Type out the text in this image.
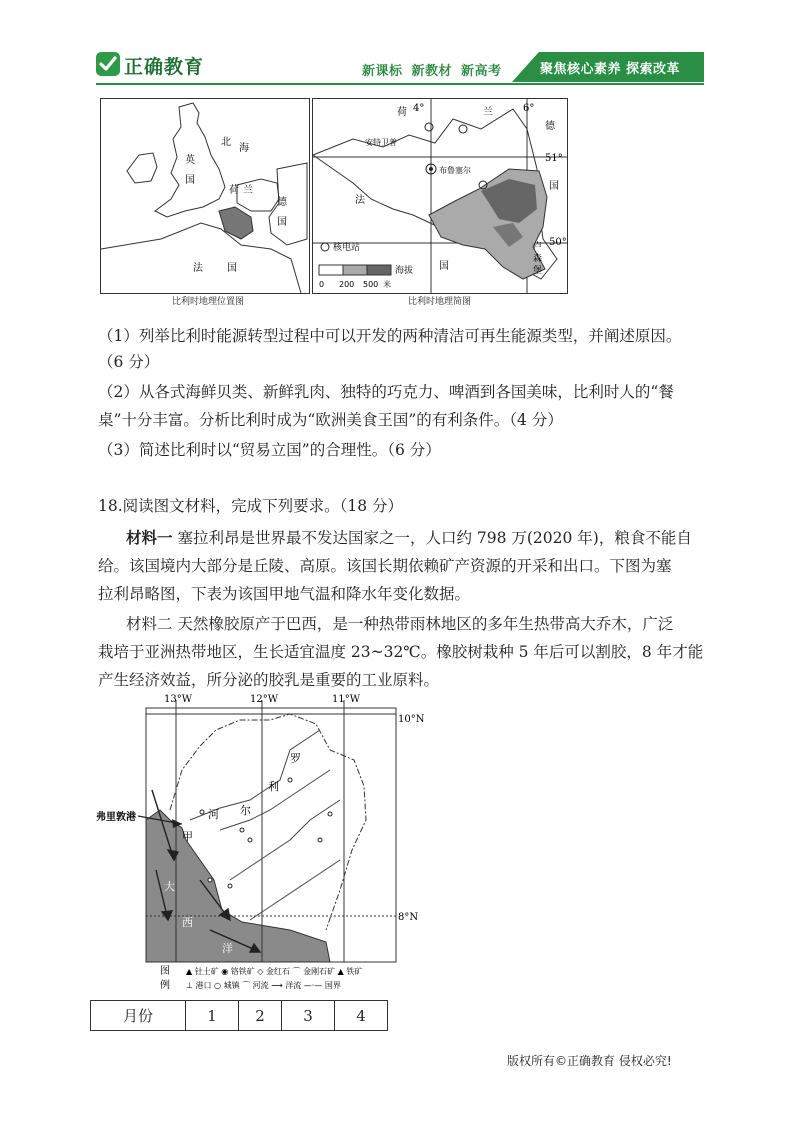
正确教育	新课标 新教材 新高考	聚焦核心素养 探索改革
北
海
英
国
荷 兰
德
国
法 国
比利时地理位置图
荷 4°	兰	6°
51°
50°
安特卫普
布鲁塞尔
德
国
法
国
卢
森
堡
核电站
海拔
0 200 500 米
比利时地理简图
（1）列举比利时能源转型过程中可以开发的两种清洁可再生能源类型，并阐述原因。
（6 分）
（2）从各式海鲜贝类、新鲜乳肉、独特的巧克力、啤酒到各国美味，比利时人的“餐
桌”十分丰富。分析比利时成为“欧洲美食王国”的有利条件。（4 分）
（3）简述比利时以“贸易立国”的合理性。（6 分）
18.阅读图文材料，完成下列要求。（18 分）
材料一 塞拉利昂是世界最不发达国家之一，人口约 798 万(2020 年)，粮食不能自
给。该国境内大部分是丘陵、高原。该国长期依赖矿产资源的开采和出口。下图为塞
拉利昂略图，下表为该国甲地气温和降水年变化数据。
材料二 天然橡胶原产于巴西，是一种热带雨林地区的多年生热带高大乔木，广泛
栽培于亚洲热带地区，生长适宜温度 23~32℃。橡胶树栽种 5 年后可以割胶，8 年才能
产生经济效益，所分泌的胶乳是重要的工业原料。
弗里敦港
甲
河 尔
利
罗
大
西
洋
13°W	12°W	11°W
10°N
8°N
图
例
▲ 钍土矿 ◉ 铬铁矿 ◇ 金红石 ⌒ 金刚石矿 ▲ 铁矿
⊥ 港口 ○ 城镇 ⌒ 河流 ⟶ 洋流 —·— 国界
月份	1	2	3	4
版权所有©正确教育 侵权必究!
